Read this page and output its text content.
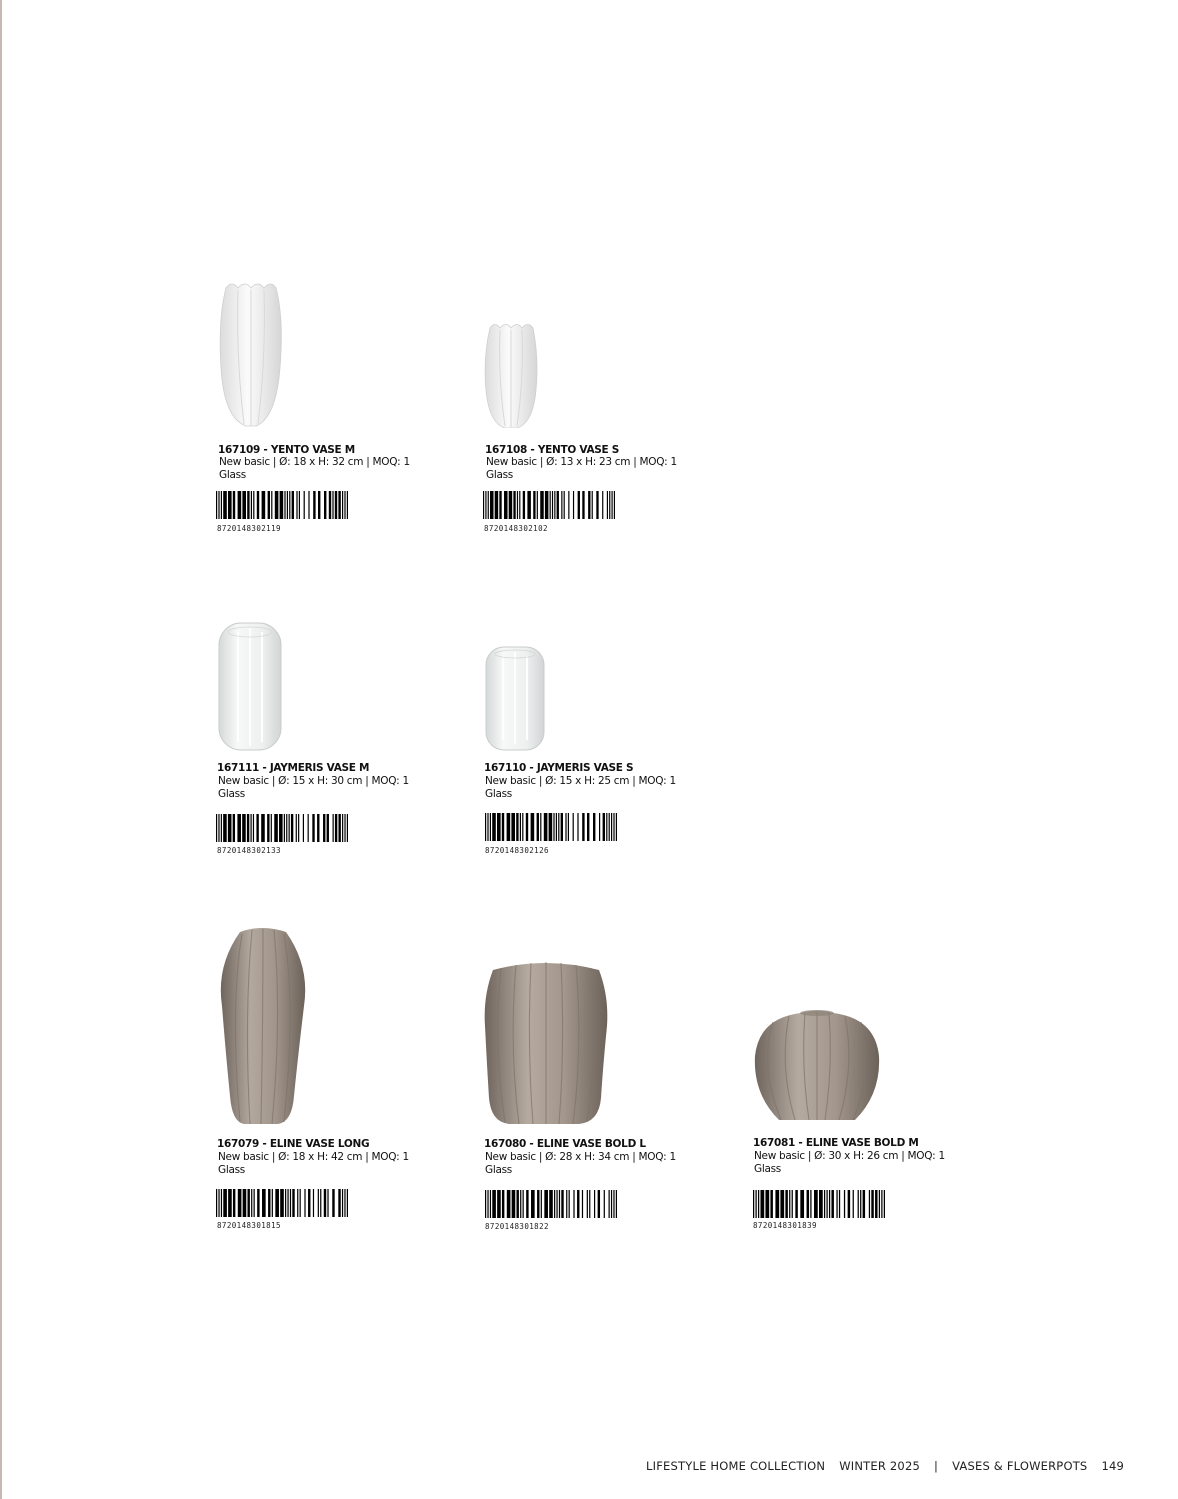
167109 - YENTO VASE M
New basic | Ø: 18 x H: 32 cm | MOQ: 1
Glass
8720148302119
167108 - YENTO VASE S
New basic | Ø: 13 x H: 23 cm | MOQ: 1
Glass
8720148302102
167111 - JAYMERIS VASE M
New basic | Ø: 15 x H: 30 cm | MOQ: 1
Glass
8720148302133
167110 - JAYMERIS VASE S
New basic | Ø: 15 x H: 25 cm | MOQ: 1
Glass
8720148302126
167079 - ELINE VASE LONG
New basic | Ø: 18 x H: 42 cm | MOQ: 1
Glass
8720148301815
167080 - ELINE VASE BOLD L
New basic | Ø: 28 x H: 34 cm | MOQ: 1
Glass
8720148301822
167081 - ELINE VASE BOLD M
New basic | Ø: 30 x H: 26 cm | MOQ: 1
Glass
8720148301839
LIFESTYLE HOME COLLECTION WINTER 2025 | VASES & FLOWERPOTS 149
